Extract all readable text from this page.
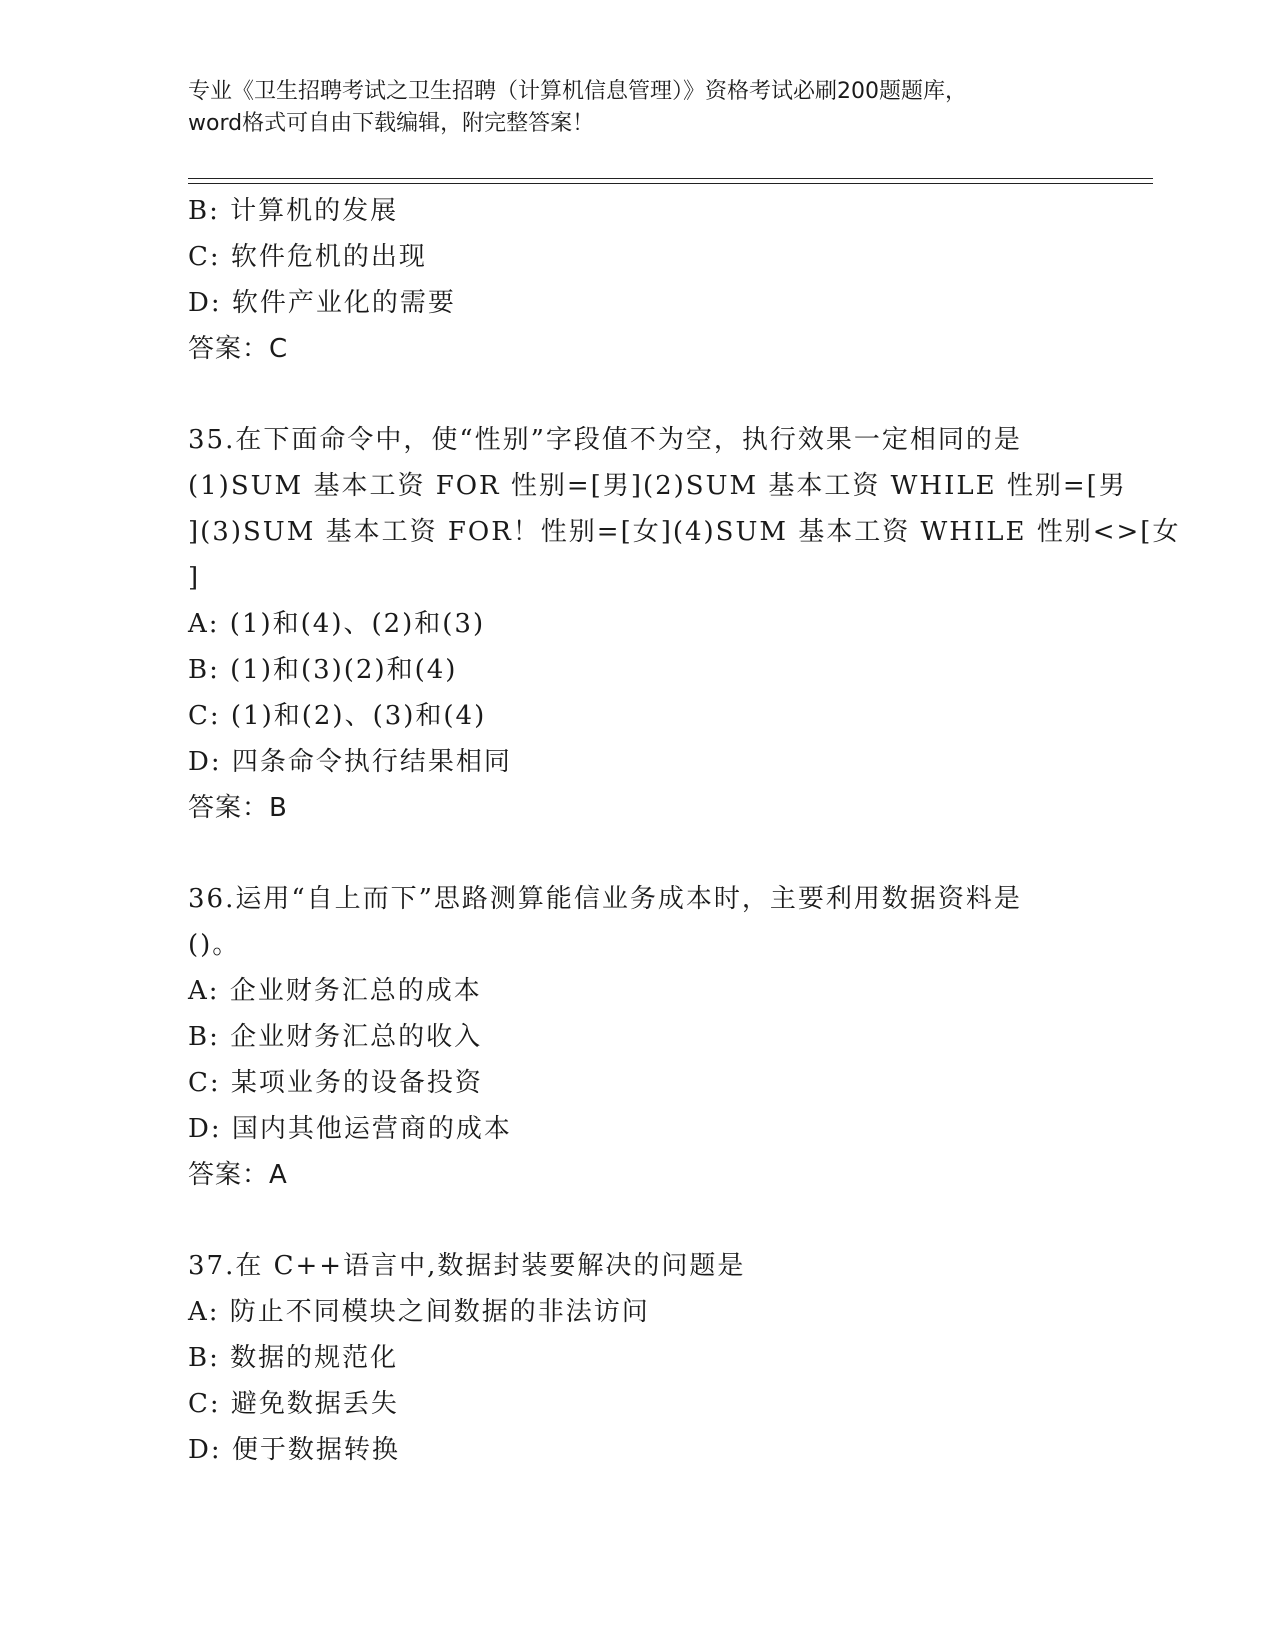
专业《卫生招聘考试之卫生招聘（计算机信息管理）》资格考试必刷200题题库，
word格式可自由下载编辑，附完整答案！
B: 计算机的发展
C: 软件危机的出现
D: 软件产业化的需要
答案：C
35.在下面命令中，使“性别”字段值不为空，执行效果一定相同的是
(1)SUM 基本工资 FOR 性别=[男](2)SUM 基本工资 WHILE 性别=[男
](3)SUM 基本工资 FOR！性别=[女](4)SUM 基本工资 WHILE 性别<>[女
]
A: (1)和(4)、(2)和(3)
B: (1)和(3)(2)和(4)
C: (1)和(2)、(3)和(4)
D: 四条命令执行结果相同
答案：B
36.运用“自上而下”思路测算能信业务成本时，主要利用数据资料是
()。
A: 企业财务汇总的成本
B: 企业财务汇总的收入
C: 某项业务的设备投资
D: 国内其他运营商的成本
答案：A
37.在 C++语言中,数据封装要解决的问题是
A: 防止不同模块之间数据的非法访问
B: 数据的规范化
C: 避免数据丢失
D: 便于数据转换
